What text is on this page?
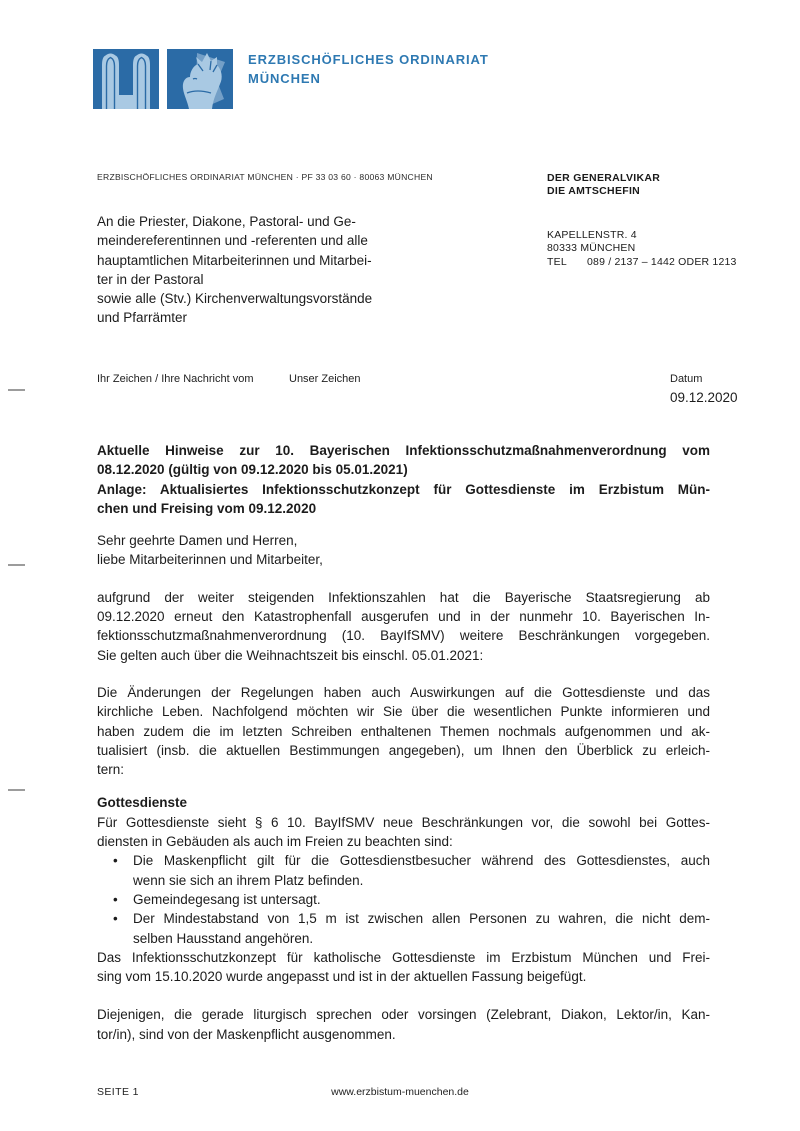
ERZBISCHÖFLICHES ORDINARIAT
MÜNCHEN
ERZBISCHÖFLICHES ORDINARIAT MÜNCHEN · PF 33 03 60 · 80063 MÜNCHEN	DER GENERALVIKAR
DIE AMTSCHEFIN
An die Priester, Diakone, Pastoral- und Ge-
meindereferentinnen und -referenten und alle
hauptamtlichen Mitarbeiterinnen und Mitarbei-
ter in der Pastoral
sowie alle (Stv.) Kirchenverwaltungsvorstände
und Pfarrämter
KAPELLENSTR. 4
80333 MÜNCHEN
TEL	089 / 2137 – 1442 ODER 1213
Ihr Zeichen / Ihre Nachricht vom	Unser Zeichen	Datum
09.12.2020
Aktuelle Hinweise zur 10. Bayerischen Infektionsschutzmaßnahmenverordnung vom
08.12.2020 (gültig von 09.12.2020 bis 05.01.2021)
Anlage: Aktualisiertes Infektionsschutzkonzept für Gottesdienste im Erzbistum Mün-
chen und Freising vom 09.12.2020
Sehr geehrte Damen und Herren,
liebe Mitarbeiterinnen und Mitarbeiter,
aufgrund der weiter steigenden Infektionszahlen hat die Bayerische Staatsregierung ab
09.12.2020 erneut den Katastrophenfall ausgerufen und in der nunmehr 10. Bayerischen In-
fektionsschutzmaßnahmenverordnung (10. BayIfSMV) weitere Beschränkungen vorgegeben.
Sie gelten auch über die Weihnachtszeit bis einschl. 05.01.2021:
Die Änderungen der Regelungen haben auch Auswirkungen auf die Gottesdienste und das
kirchliche Leben. Nachfolgend möchten wir Sie über die wesentlichen Punkte informieren und
haben zudem die im letzten Schreiben enthaltenen Themen nochmals aufgenommen und ak-
tualisiert (insb. die aktuellen Bestimmungen angegeben), um Ihnen den Überblick zu erleich-
tern:
Gottesdienste
Für Gottesdienste sieht § 6 10. BayIfSMV neue Beschränkungen vor, die sowohl bei Gottes-
diensten in Gebäuden als auch im Freien zu beachten sind:
• Die Maskenpflicht gilt für die Gottesdienstbesucher während des Gottesdienstes, auch
wenn sie sich an ihrem Platz befinden.
• Gemeindegesang ist untersagt.
• Der Mindestabstand von 1,5 m ist zwischen allen Personen zu wahren, die nicht dem-
selben Hausstand angehören.
Das Infektionsschutzkonzept für katholische Gottesdienste im Erzbistum München und Frei-
sing vom 15.10.2020 wurde angepasst und ist in der aktuellen Fassung beigefügt.
Diejenigen, die gerade liturgisch sprechen oder vorsingen (Zelebrant, Diakon, Lektor/in, Kan-
tor/in), sind von der Maskenpflicht ausgenommen.
SEITE 1	www.erzbistum-muenchen.de
